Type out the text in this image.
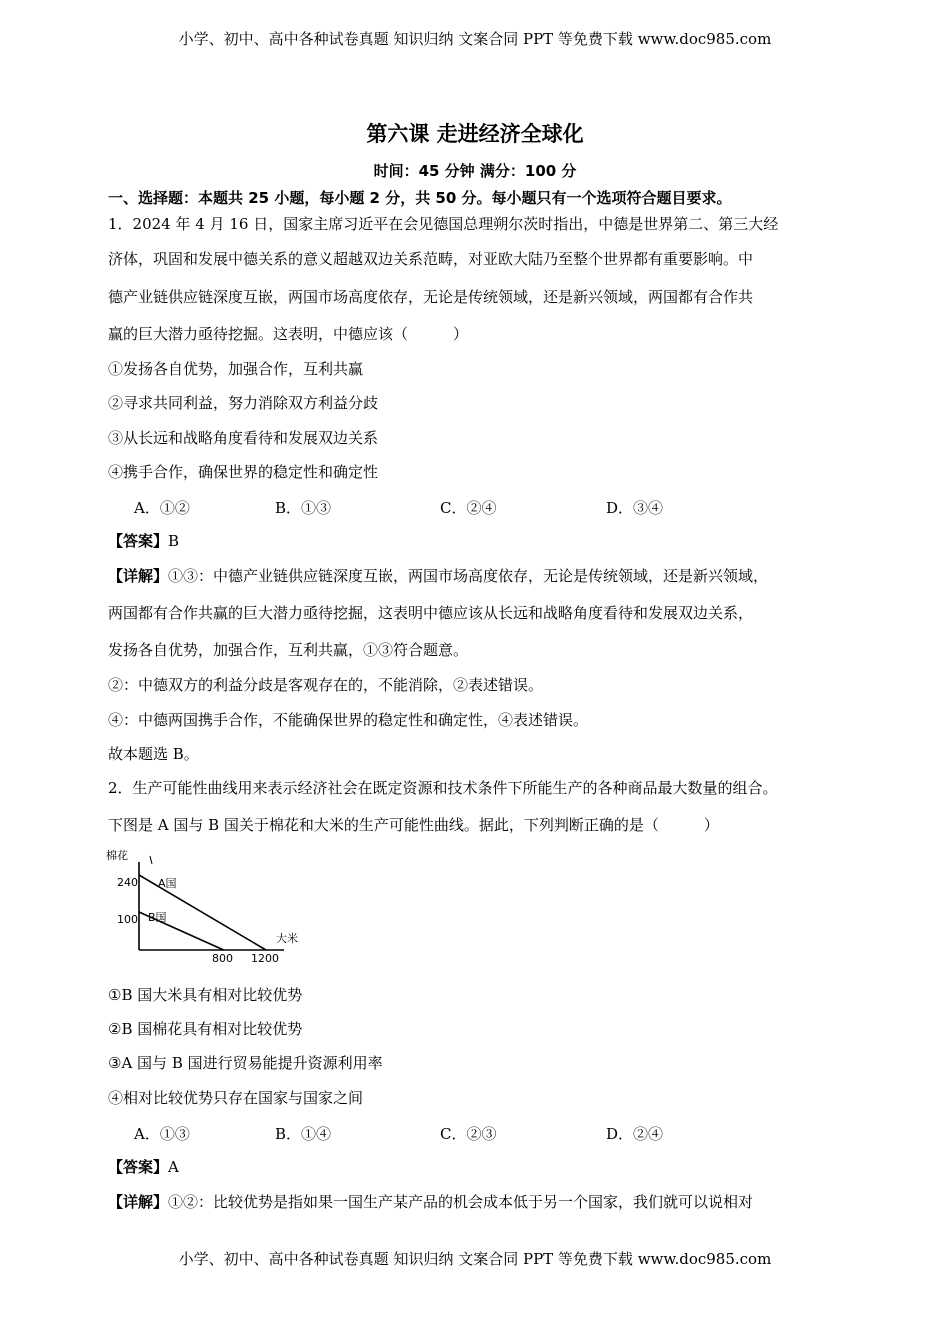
小学、初中、高中各种试卷真题 知识归纳 文案合同 PPT 等免费下载 www.doc985.com
第六课 走进经济全球化
时间：45 分钟 满分：100 分
一、选择题：本题共 25 小题，每小题 2 分，共 50 分。每小题只有一个选项符合题目要求。
1．2024 年 4 月 16 日，国家主席习近平在会见德国总理朔尔茨时指出，中德是世界第二、第三大经
济体，巩固和发展中德关系的意义超越双边关系范畴，对亚欧大陆乃至整个世界都有重要影响。中
德产业链供应链深度互嵌，两国市场高度依存，无论是传统领域，还是新兴领域，两国都有合作共
赢的巨大潜力亟待挖掘。这表明，中德应该（　　　）
①发扬各自优势，加强合作，互利共赢
②寻求共同利益，努力消除双方利益分歧
③从长远和战略角度看待和发展双边关系
④携手合作，确保世界的稳定性和确定性
A．①②	B．①③	C．②④	D．③④
【答案】B
【详解】①③：中德产业链供应链深度互嵌，两国市场高度依存，无论是传统领域，还是新兴领域，
两国都有合作共赢的巨大潜力亟待挖掘，这表明中德应该从长远和战略角度看待和发展双边关系，
发扬各自优势，加强合作，互利共赢，①③符合题意。
②：中德双方的利益分歧是客观存在的，不能消除，②表述错误。
④：中德两国携手合作，不能确保世界的稳定性和确定性，④表述错误。
故本题选 B。
2．生产可能性曲线用来表示经济社会在既定资源和技术条件下所能生产的各种商品最大数量的组合。
下图是 A 国与 B 国关于棉花和大米的生产可能性曲线。据此，下列判断正确的是（　　　）
棉花
大米
240
100
800 1200
A国
B国
①B 国大米具有相对比较优势
②B 国棉花具有相对比较优势
③A 国与 B 国进行贸易能提升资源利用率
④相对比较优势只存在国家与国家之间
A．①③	B．①④	C．②③	D．②④
【答案】A
【详解】①②：比较优势是指如果一国生产某产品的机会成本低于另一个国家，我们就可以说相对
小学、初中、高中各种试卷真题 知识归纳 文案合同 PPT 等免费下载 www.doc985.com
